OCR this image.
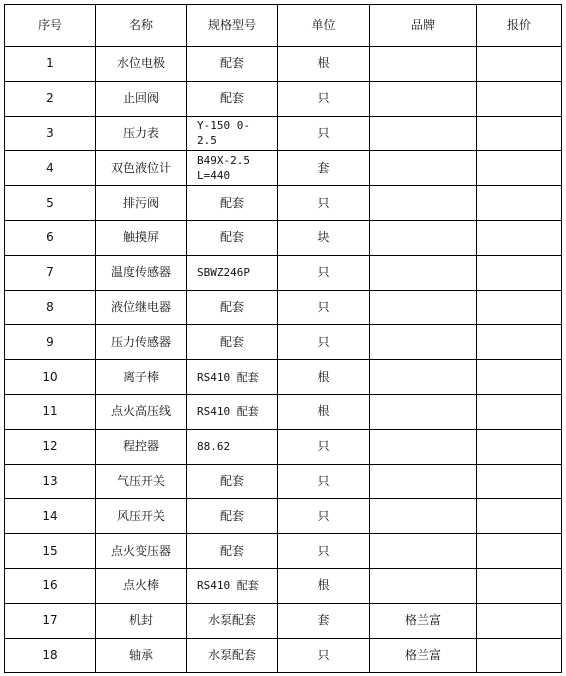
序号	名称	规格型号	单位	品牌	报价
1	水位电极	配套	根		
2	止回阀	配套	只		
3	压力表	Y-150 0-2.5	只		
4	双色液位计	B49X-2.5 L=440	套		
5	排污阀	配套	只		
6	触摸屏	配套	块		
7	温度传感器	SBWZ246P	只		
8	液位继电器	配套	只		
9	压力传感器	配套	只		
10	离子棒	RS410 配套	根		
11	点火高压线	RS410 配套	根		
12	程控器	88.62	只		
13	气压开关	配套	只		
14	风压开关	配套	只		
15	点火变压器	配套	只		
16	点火棒	RS410 配套	根		
17	机封	水泵配套	套	格兰富	
18	轴承	水泵配套	只	格兰富	
